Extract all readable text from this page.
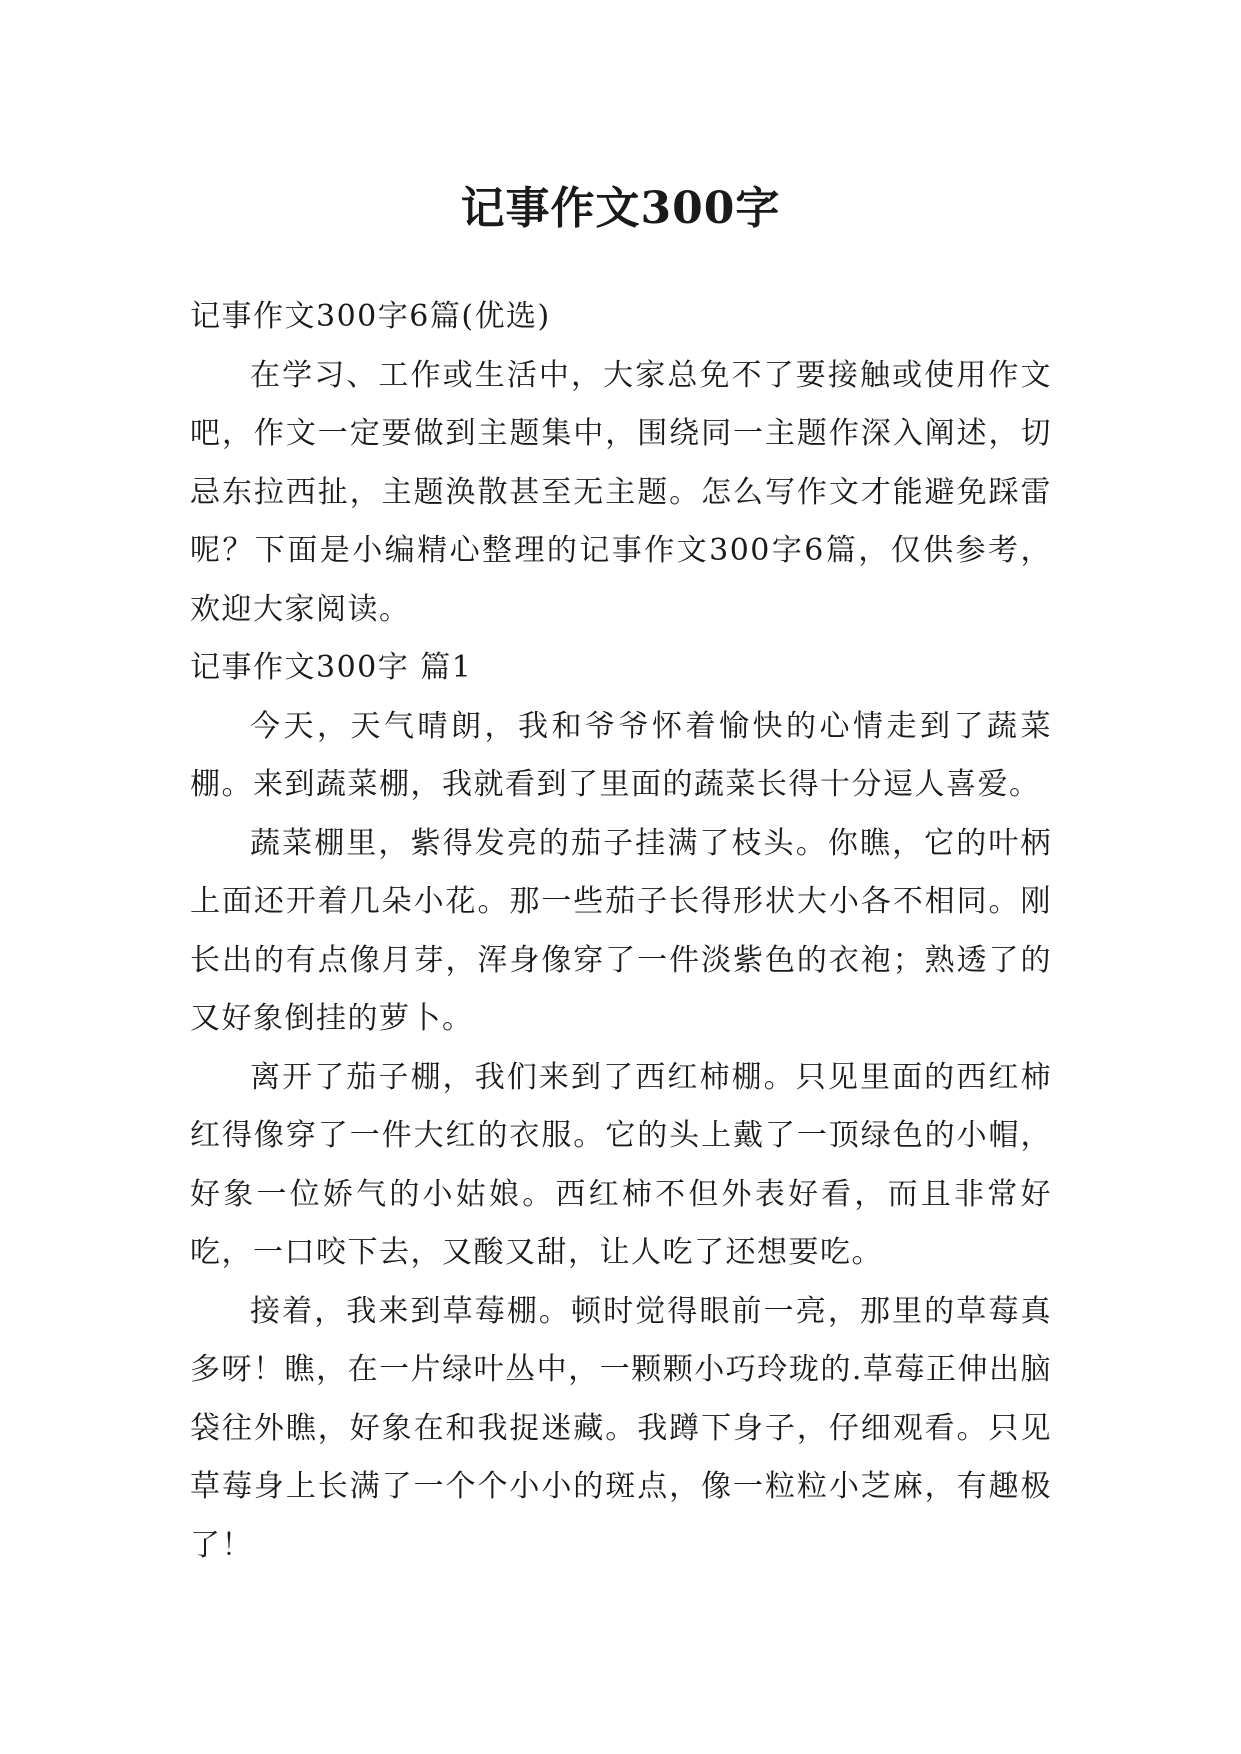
记事作文300字

记事作文300字6篇(优选)

在学习、工作或生活中，大家总免不了要接触或使用作文吧，作文一定要做到主题集中，围绕同一主题作深入阐述，切忌东拉西扯，主题涣散甚至无主题。怎么写作文才能避免踩雷呢？下面是小编精心整理的记事作文300字6篇，仅供参考，欢迎大家阅读。

记事作文300字 篇1

今天，天气晴朗，我和爷爷怀着愉快的心情走到了蔬菜棚。来到蔬菜棚，我就看到了里面的蔬菜长得十分逗人喜爱。

蔬菜棚里，紫得发亮的茄子挂满了枝头。你瞧，它的叶柄上面还开着几朵小花。那一些茄子长得形状大小各不相同。刚长出的有点像月芽，浑身像穿了一件淡紫色的衣袍；熟透了的又好象倒挂的萝卜。

离开了茄子棚，我们来到了西红柿棚。只见里面的西红柿红得像穿了一件大红的衣服。它的头上戴了一顶绿色的小帽，好象一位娇气的小姑娘。西红柿不但外表好看，而且非常好吃，一口咬下去，又酸又甜，让人吃了还想要吃。

接着，我来到草莓棚。顿时觉得眼前一亮，那里的草莓真多呀！瞧，在一片绿叶丛中，一颗颗小巧玲珑的.草莓正伸出脑袋往外瞧，好象在和我捉迷藏。我蹲下身子，仔细观看。只见草莓身上长满了一个个小小的斑点，像一粒粒小芝麻，有趣极了！
